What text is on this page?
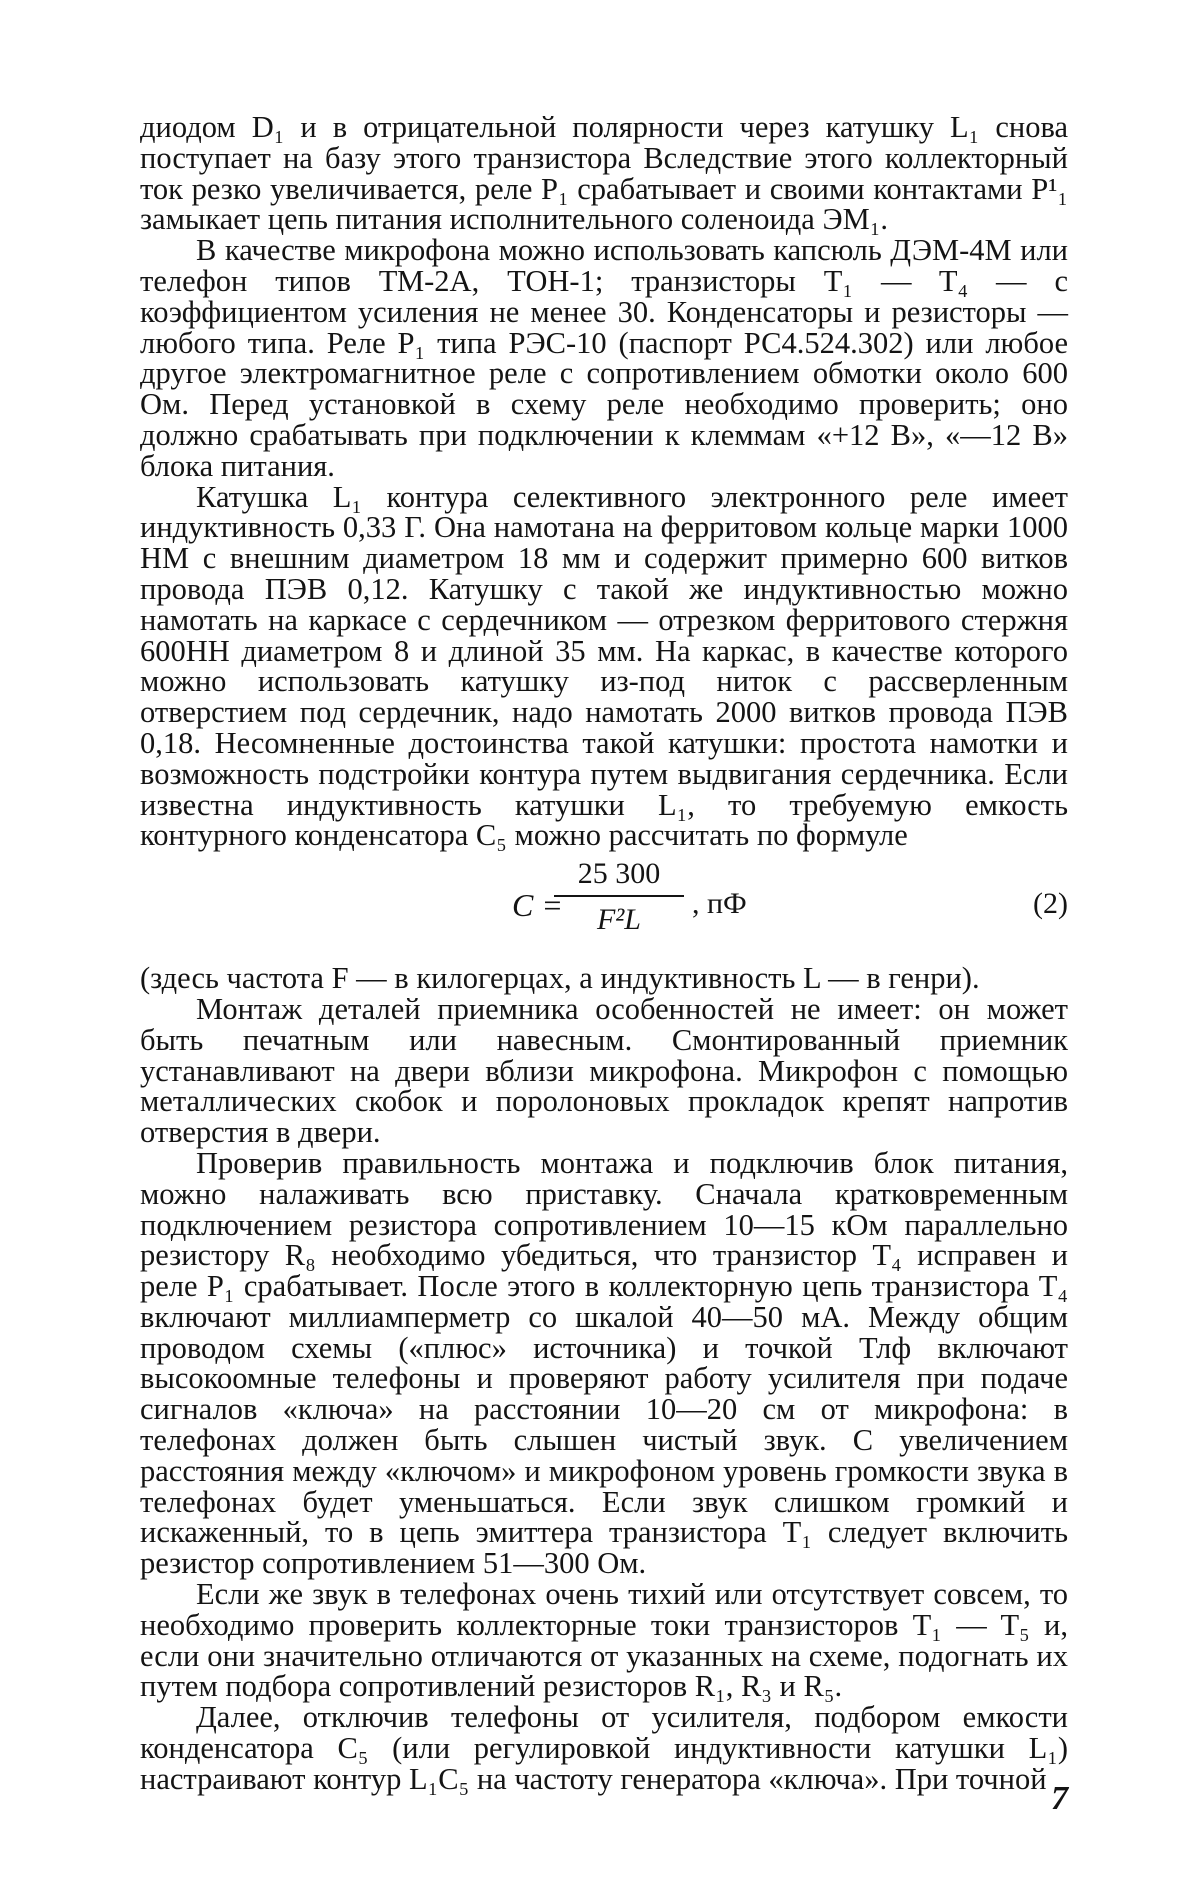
диодом D₁ и в отрицательной полярности через катушку L₁ снова поступает на базу этого транзистора Вследствие этого коллекторный ток резко увеличивается, реле P₁ срабатывает и своими контактами P¹₁ замыкает цепь питания исполнительного соленоида ЭМ₁.

В качестве микрофона можно использовать капсюль ДЭМ-4М или телефон типов ТМ-2А, ТОН-1; транзисторы T₁ — T₄ — с коэффициентом усиления не менее 30. Конденсаторы и резисторы — любого типа. Реле P₁ типа РЭС-10 (паспорт РС4.524.302) или любое другое электромагнитное реле с сопротивлением обмотки около 600 Ом. Перед установкой в схему реле необходимо проверить; оно должно срабатывать при подключении к клеммам «+12 В», «—12 В» блока питания.

Катушка L₁ контура селективного электронного реле имеет индуктивность 0,33 Г. Она намотана на ферритовом кольце марки 1000 НМ с внешним диаметром 18 мм и содержит примерно 600 витков провода ПЭВ 0,12. Катушку с такой же индуктивностью можно намотать на каркасе с сердечником — отрезком ферритового стержня 600НН диаметром 8 и длиной 35 мм. На каркас, в качестве которого можно использовать катушку из-под ниток с рассверленным отверстием под сердечник, надо намотать 2000 витков провода ПЭВ 0,18. Несомненные достоинства такой катушки: простота намотки и возможность подстройки контура путем выдвигания сердечника. Если известна индуктивность катушки L₁, то требуемую емкость контурного конденсатора C₅ можно рассчитать по формуле

C =
25 300
F²L	, пФ	(2)

(здесь частота F — в килогерцах, а индуктивность L — в генри).

Монтаж деталей приемника особенностей не имеет: он может быть печатным или навесным. Смонтированный приемник устанавливают на двери вблизи микрофона. Микрофон с помощью металлических скобок и поролоновых прокладок крепят напротив отверстия в двери.

Проверив правильность монтажа и подключив блок питания, можно налаживать всю приставку. Сначала кратковременным подключением резистора сопротивлением 10—15 кОм параллельно резистору R₈ необходимо убедиться, что транзистор T₄ исправен и реле P₁ срабатывает. После этого в коллекторную цепь транзистора T₄ включают миллиамперметр со шкалой 40—50 мА. Между общим проводом схемы («плюс» источника) и точкой Тлф включают высокоомные телефоны и проверяют работу усилителя при подаче сигналов «ключа» на расстоянии 10—20 см от микрофона: в телефонах должен быть слышен чистый звук. С увеличением расстояния между «ключом» и микрофоном уровень громкости звука в телефонах будет уменьшаться. Если звук слишком громкий и искаженный, то в цепь эмиттера транзистора T₁ следует включить резистор сопротивлением 51—300 Ом.

Если же звук в телефонах очень тихий или отсутствует совсем, то необходимо проверить коллекторные токи транзисторов T₁ — T₅ и, если они значительно отличаются от указанных на схеме, подогнать их путем подбора сопротивлений резисторов R₁, R₃ и R₅.

Далее, отключив телефоны от усилителя, подбором емкости конденсатора C₅ (или регулировкой индуктивности катушки L₁) настраивают контур L₁C₅ на частоту генератора «ключа». При точной

7
